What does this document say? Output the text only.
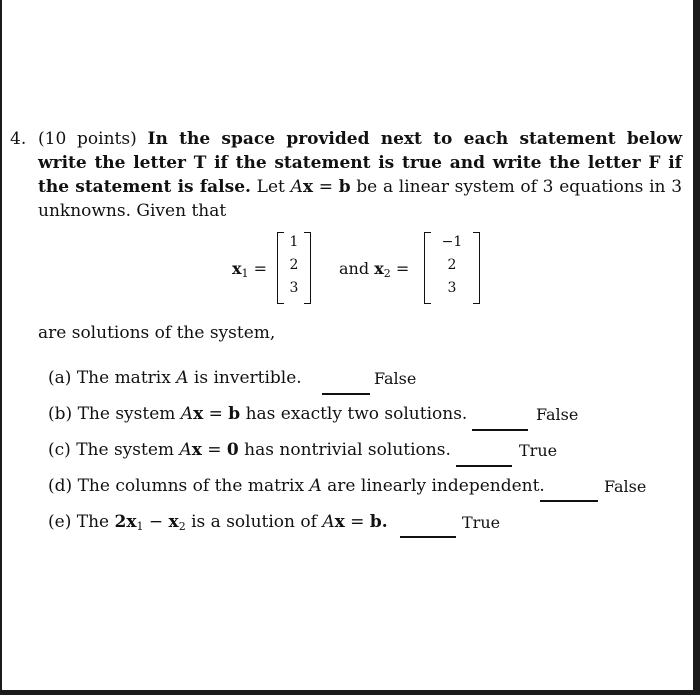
4. (10 points) In the space provided next to each statement below write the letter T if the statement is true and write the letter F if the statement is false. Let Ax = b be a linear system of 3 equations in 3 unknowns. Given that

$x_1$ =
1
2
3
and $x_2$ =
−1
2
3
are solutions of the system,
(a) The matrix A is invertible.	False
(b) The system Ax = b has exactly two solutions.	False
(c) The system Ax = 0 has nontrivial solutions.	True
(d) The columns of the matrix A are linearly independent.	False
(e) The $2x_1 - x_2$ is a solution of Ax = b.	True
